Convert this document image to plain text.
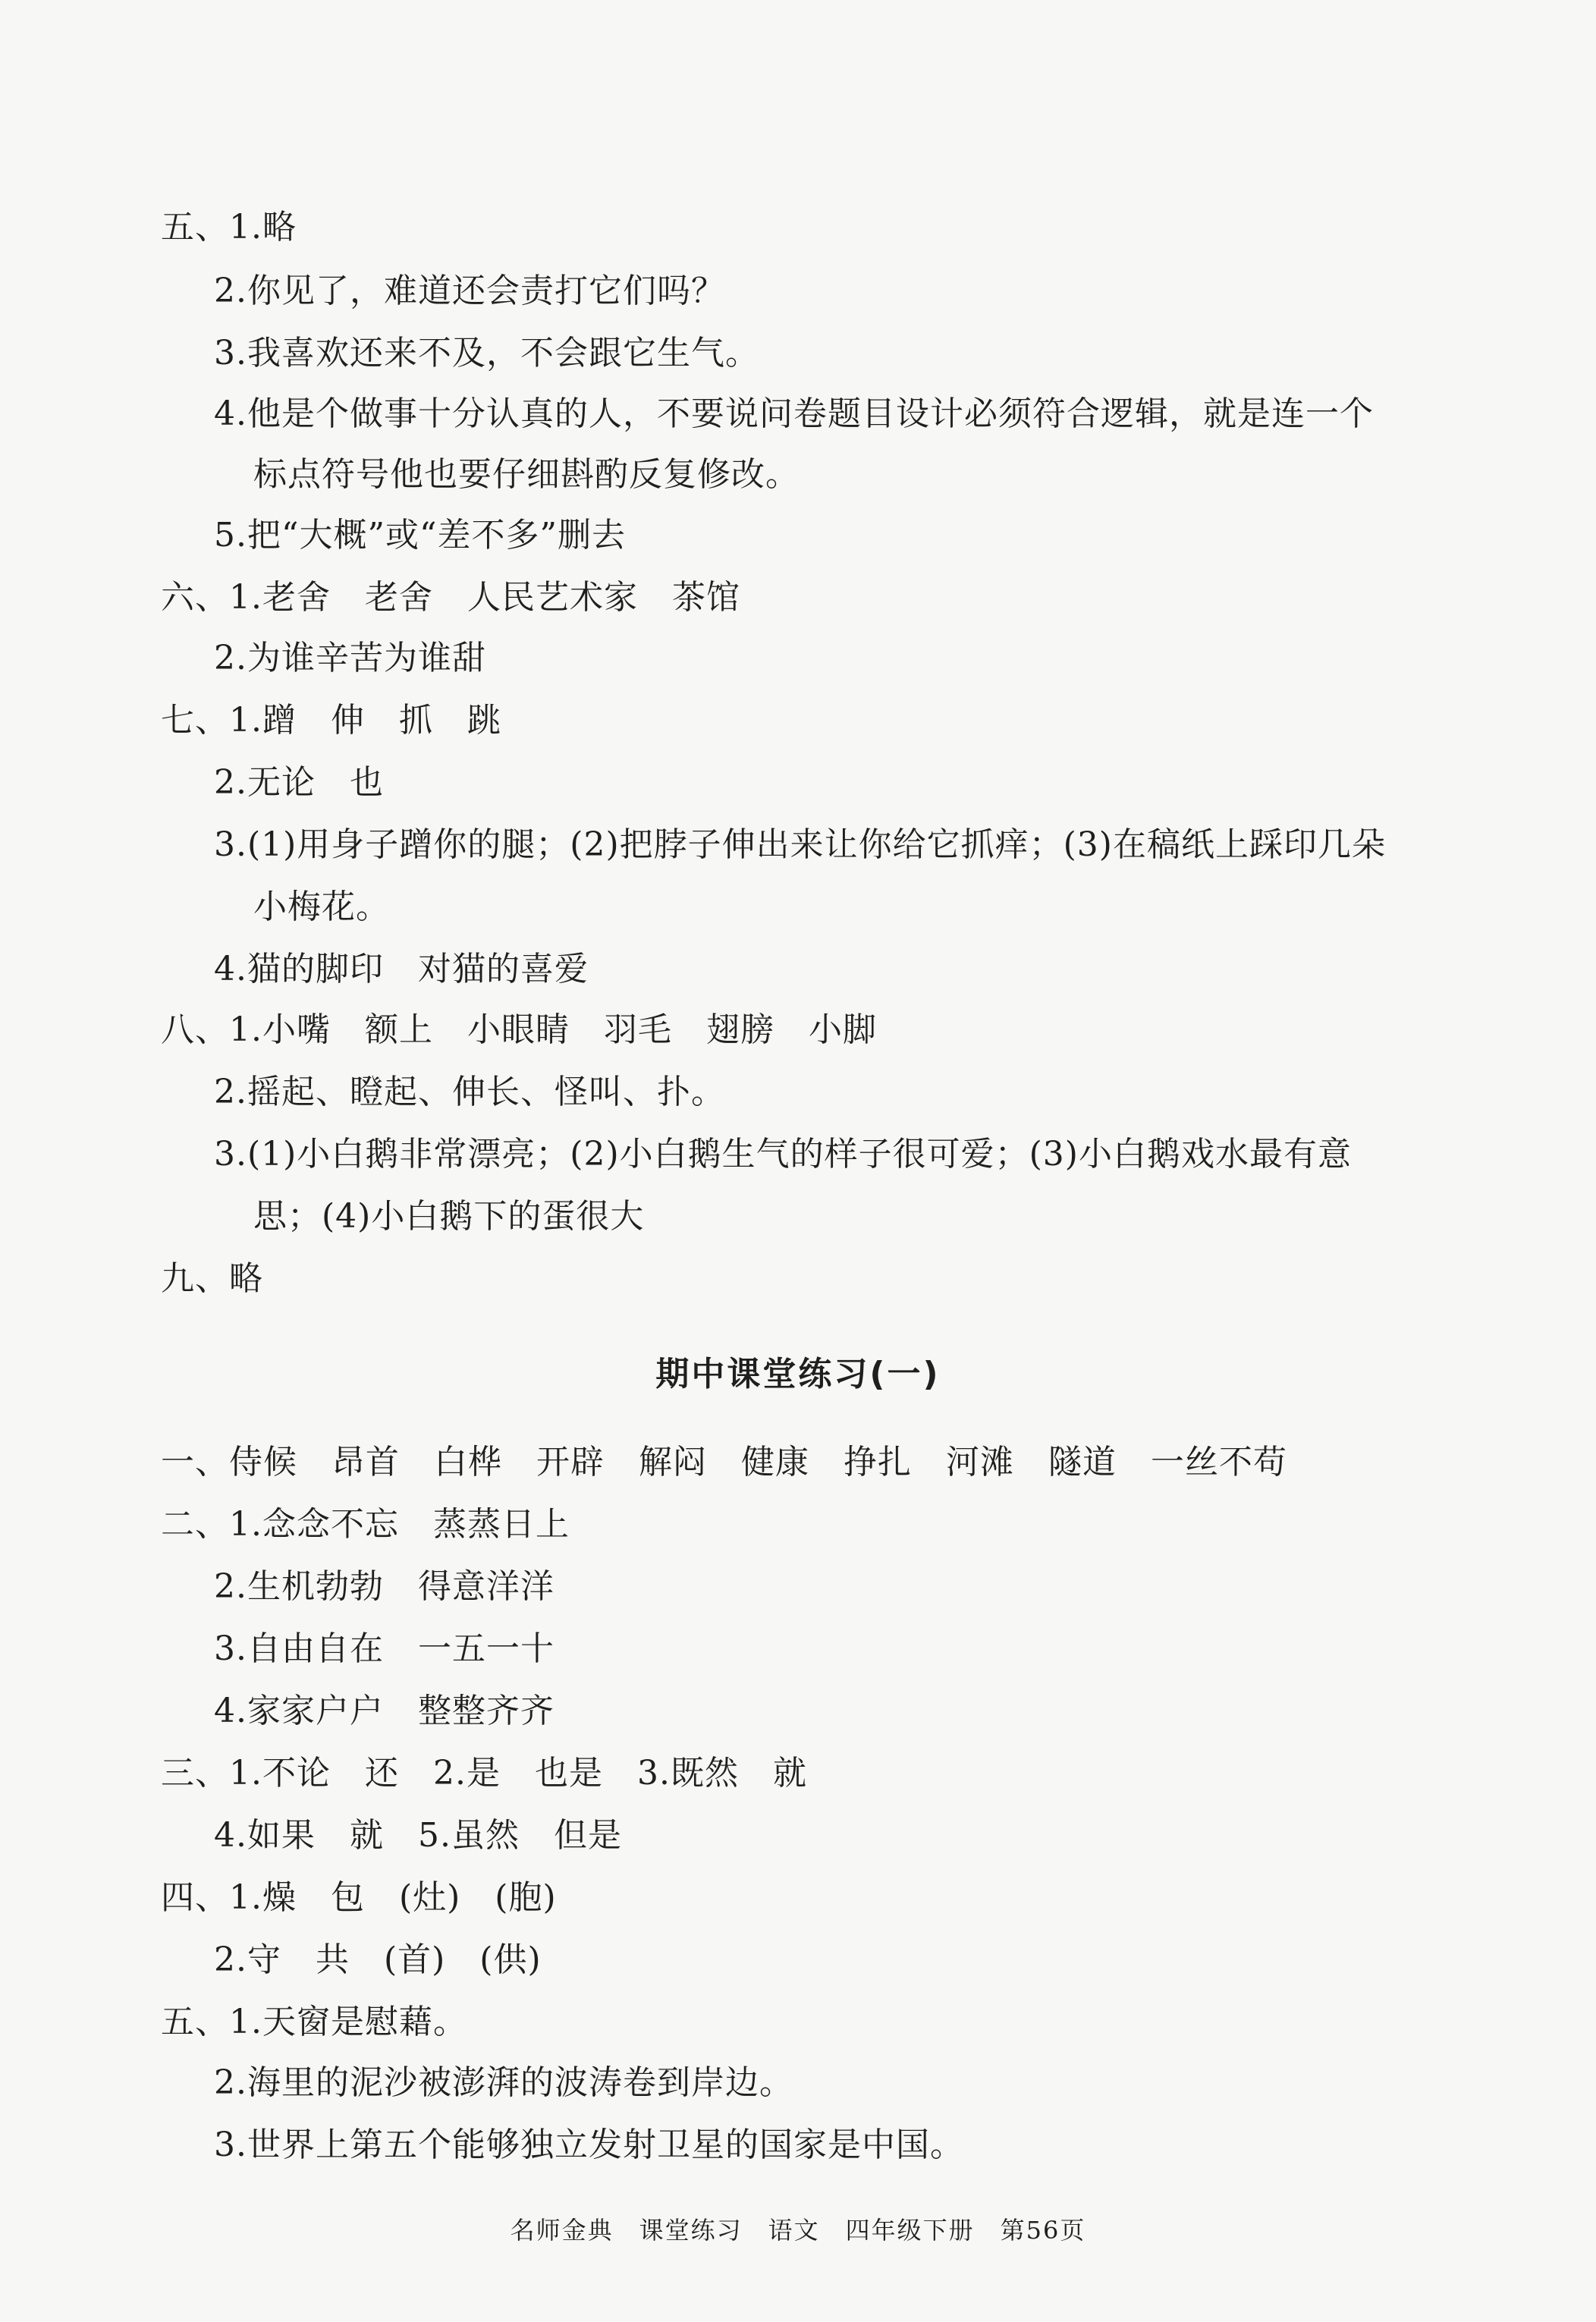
五、1.略
2.你见了，难道还会责打它们吗？
3.我喜欢还来不及，不会跟它生气。
4.他是个做事十分认真的人，不要说问卷题目设计必须符合逻辑，就是连一个
标点符号他也要仔细斟酌反复修改。
5.把“大概”或“差不多”删去
六、1.老舍　老舍　人民艺术家　茶馆
2.为谁辛苦为谁甜
七、1.蹭　伸　抓　跳
2.无论　也
3.(1)用身子蹭你的腿；(2)把脖子伸出来让你给它抓痒；(3)在稿纸上踩印几朵
小梅花。
4.猫的脚印　对猫的喜爱
八、1.小嘴　额上　小眼睛　羽毛　翅膀　小脚
2.摇起、瞪起、伸长、怪叫、扑。
3.(1)小白鹅非常漂亮；(2)小白鹅生气的样子很可爱；(3)小白鹅戏水最有意
思；(4)小白鹅下的蛋很大
九、略
期中课堂练习(一)
一、侍候　昂首　白桦　开辟　解闷　健康　挣扎　河滩　隧道　一丝不苟
二、1.念念不忘　蒸蒸日上
2.生机勃勃　得意洋洋
3.自由自在　一五一十
4.家家户户　整整齐齐
三、1.不论　还　2.是　也是　3.既然　就
4.如果　就　5.虽然　但是
四、1.燥　包　(灶)　(胞)
2.守　共　(首)　(供)
五、1.天窗是慰藉。
2.海里的泥沙被澎湃的波涛卷到岸边。
3.世界上第五个能够独立发射卫星的国家是中国。
名师金典　课堂练习　语文　四年级下册　第56页
